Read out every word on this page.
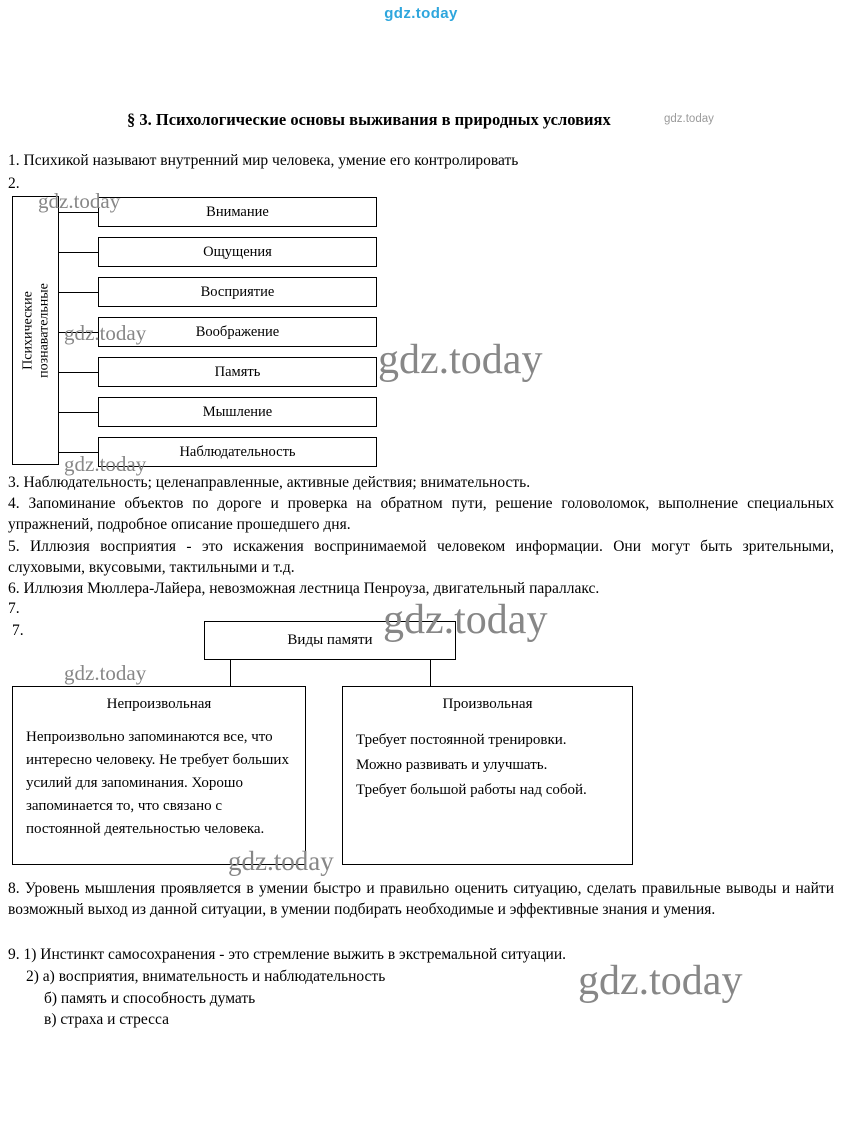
gdz.today
§ 3. Психологические основы выживания в природных условиях	gdz.today
1. Психикой называют внутренний мир человека, умение его контролировать
2.
Психические познавательные
Внимание
Ощущения
Восприятие
Воображение
Память
Мышление
Наблюдательность
3. Наблюдательность; целенаправленные, активные действия; внимательность.
4. Запоминание объектов по дороге и проверка на обратном пути, решение головоломок, выполнение специальных упражнений, подробное описание прошедшего дня.
5. Иллюзия восприятия - это искажения воспринимаемой человеком информации. Они могут быть зрительными, слуховыми, вкусовыми, тактильными и т.д.
6. Иллюзия Мюллера-Лайера, невозможная лестница Пенроуза, двигательный параллакс.
7.
7.
Виды памяти
Непроизвольная
Непроизвольно запоминаются все, что интересно человеку. Не требует больших усилий для запоминания. Хорошо запоминается то, что связано с постоянной деятельностью человека.
Произвольная
Требует постоянной тренировки.
Можно развивать и улучшать.
Требует большой работы над собой.
8. Уровень мышления проявляется в умении быстро и правильно оценить ситуацию, сделать правильные выводы и найти возможный выход из данной ситуации, в умении подбирать необходимые и эффективные знания и умения.
9. 1) Инстинкт самосохранения - это стремление выжить в экстремальной ситуации.
2) а) восприятия, внимательность и наблюдательность
б) память и способность думать
в) страха и стресса
gdz.today
gdz.today
gdz.today
gdz.today
gdz.today
gdz.today
gdz.today
gdz.today
